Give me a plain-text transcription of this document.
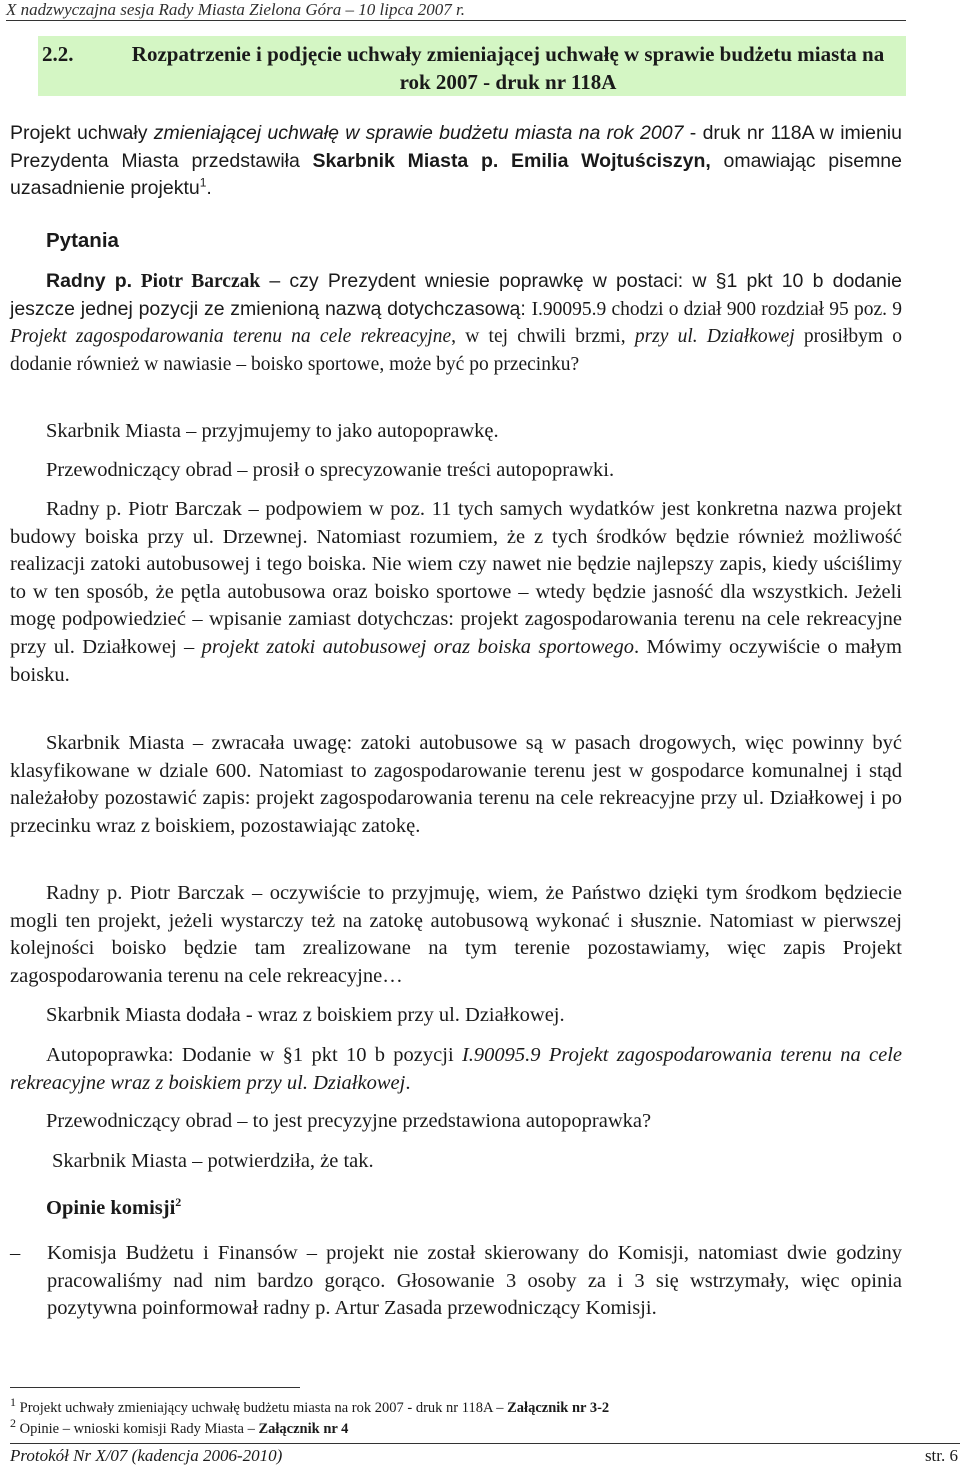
X nadzwyczajna sesja Rady Miasta Zielona Góra – 10 lipca 2007 r.
2.2.	Rozpatrzenie i podjęcie uchwały zmieniającej uchwałę w sprawie budżetu miasta na rok 2007 - druk nr 118A
Projekt uchwały zmieniającej uchwałę w sprawie budżetu miasta na rok 2007 - druk nr 118A w imieniu Prezydenta Miasta przedstawiła Skarbnik Miasta p. Emilia Wojtuściszyn, omawiając pisemne uzasadnienie projektu$^1$.
Pytania
Radny p. Piotr Barczak – czy Prezydent wniesie poprawkę w postaci: w §1 pkt 10 b dodanie jeszcze jednej pozycji ze zmienioną nazwą dotychczasową: I.90095.9 chodzi o dział 900 rozdział 95 poz. 9 Projekt zagospodarowania terenu na cele rekreacyjne, w tej chwili brzmi, przy ul. Działkowej prosiłbym o dodanie również w nawiasie – boisko sportowe, może być po przecinku?
Skarbnik Miasta – przyjmujemy to jako autopoprawkę.
Przewodniczący obrad – prosił o sprecyzowanie treści autopoprawki.
Radny p. Piotr Barczak – podpowiem w poz. 11 tych samych wydatków jest konkretna nazwa projekt budowy boiska przy ul. Drzewnej. Natomiast rozumiem, że z tych środków będzie również możliwość realizacji zatoki autobusowej i tego boiska. Nie wiem czy nawet nie będzie najlepszy zapis, kiedy uściślimy to w ten sposób, że pętla autobusowa oraz boisko sportowe – wtedy będzie jasność dla wszystkich. Jeżeli mogę podpowiedzieć – wpisanie zamiast dotychczas: projekt zagospodarowania terenu na cele rekreacyjne przy ul. Działkowej – projekt zatoki autobusowej oraz boiska sportowego. Mówimy oczywiście o małym boisku.
Skarbnik Miasta – zwracała uwagę: zatoki autobusowe są w pasach drogowych, więc powinny być klasyfikowane w dziale 600. Natomiast to zagospodarowanie terenu jest w gospodarce komunalnej i stąd należałoby pozostawić zapis: projekt zagospodarowania terenu na cele rekreacyjne przy ul. Działkowej i po przecinku wraz z boiskiem, pozostawiając zatokę.
Radny p. Piotr Barczak – oczywiście to przyjmuję, wiem, że Państwo dzięki tym środkom będziecie mogli ten projekt, jeżeli wystarczy też na zatokę autobusową wykonać i słusznie. Natomiast w pierwszej kolejności boisko będzie tam zrealizowane na tym terenie pozostawiamy, więc zapis Projekt zagospodarowania terenu na cele rekreacyjne…
Skarbnik Miasta dodała - wraz z boiskiem przy ul. Działkowej.
Autopoprawka: Dodanie w §1 pkt 10 b pozycji I.90095.9 Projekt zagospodarowania terenu na cele rekreacyjne wraz z boiskiem przy ul. Działkowej.
Przewodniczący obrad – to jest precyzyjne przedstawiona autopoprawka?
Skarbnik Miasta – potwierdziła, że tak.
Opinie komisji$^2$
– Komisja Budżetu i Finansów – projekt nie został skierowany do Komisji, natomiast dwie godziny pracowaliśmy nad nim bardzo gorąco. Głosowanie 3 osoby za i 3 się wstrzymały, więc opinia pozytywna poinformował radny p. Artur Zasada przewodniczący Komisji.
$^1$ Projekt uchwały zmieniający uchwałę budżetu miasta na rok 2007 - druk nr 118A – Załącznik nr 3-2
$^2$ Opinie – wnioski komisji Rady Miasta – Załącznik nr 4
Protokół Nr X/07 (kadencja 2006-2010)	str. 6
